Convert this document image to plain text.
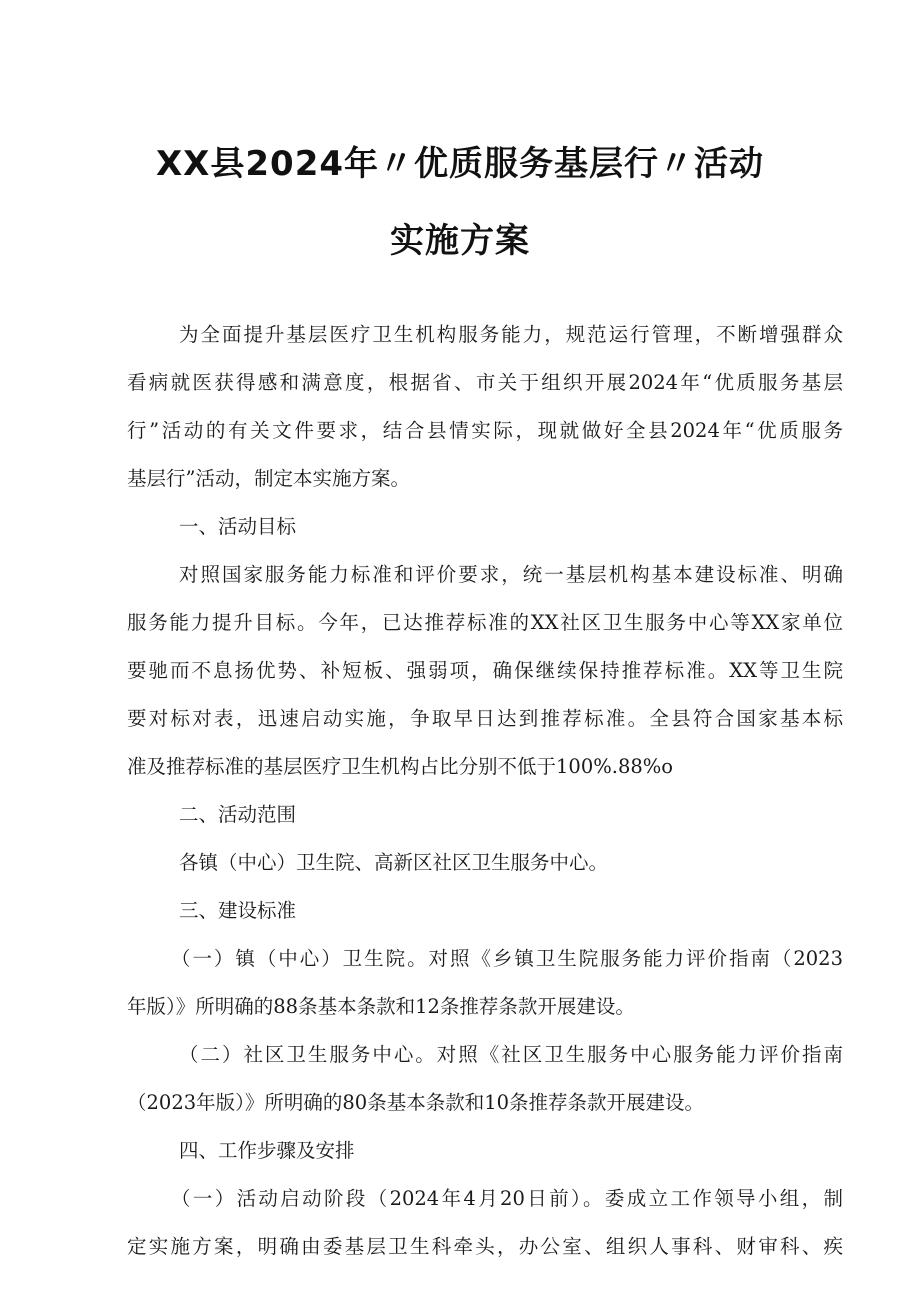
XX县2024年〃优质服务基层行〃活动
实施方案
为全面提升基层医疗卫生机构服务能力，规范运行管理，不断增强群众
看病就医获得感和满意度，根据省、市关于组织开展2024年“优质服务基层
行”活动的有关文件要求，结合县情实际，现就做好全县2024年“优质服务
基层行”活动，制定本实施方案。
一、活动目标
对照国家服务能力标准和评价要求，统一基层机构基本建设标准、明确
服务能力提升目标。今年，已达推荐标准的XX社区卫生服务中心等XX家单位
要驰而不息扬优势、补短板、强弱项，确保继续保持推荐标准。XX等卫生院
要对标对表，迅速启动实施，争取早日达到推荐标准。全县符合国家基本标
准及推荐标准的基层医疗卫生机构占比分别不低于100%.88%o
二、活动范围
各镇（中心）卫生院、高新区社区卫生服务中心。
三、建设标准
（一）镇（中心）卫生院。对照《乡镇卫生院服务能力评价指南（2023
年版）》所明确的88条基本条款和12条推荐条款开展建设。
（二）社区卫生服务中心。对照《社区卫生服务中心服务能力评价指南
（2023年版）》所明确的80条基本条款和10条推荐条款开展建设。
四、工作步骤及安排
（一）活动启动阶段（2024年4月20日前）。委成立工作领导小组，制
定实施方案，明确由委基层卫生科牵头，办公室、组织人事科、财审科、疾
